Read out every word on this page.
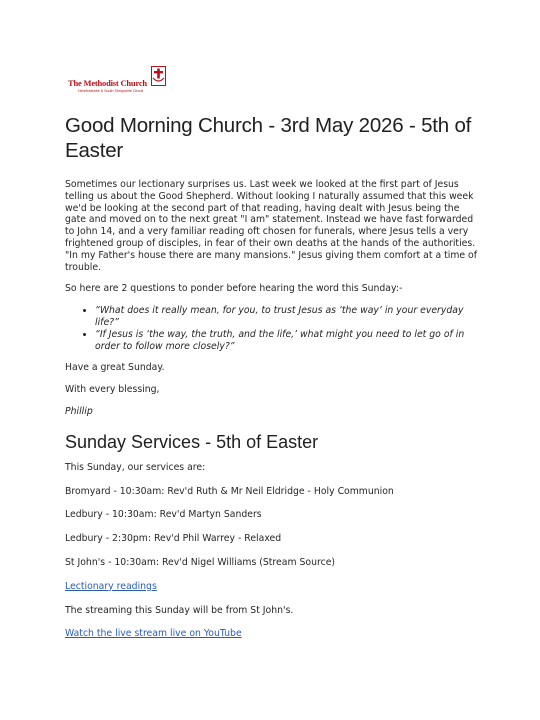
The Methodist Church
Herefordshire & South Shropshire Circuit
Good Morning Church - 3rd May 2026 - 5th of Easter

Sometimes our lectionary surprises us. Last week we looked at the first part of Jesus telling us about the Good Shepherd. Without looking I naturally assumed that this week we'd be looking at the second part of that reading, having dealt with Jesus being the gate and moved on to the next great "I am" statement. Instead we have fast forwarded to John 14, and a very familiar reading oft chosen for funerals, where Jesus tells a very frightened group of disciples, in fear of their own deaths at the hands of the authorities. "In my Father's house there are many mansions." Jesus giving them comfort at a time of trouble.

So here are 2 questions to ponder before hearing the word this Sunday:-

• “What does it really mean, for you, to trust Jesus as ‘the way’ in your everyday life?”
• “If Jesus is ‘the way, the truth, and the life,’ what might you need to let go of in order to follow more closely?”

Have a great Sunday.

With every blessing,

Phillip

Sunday Services - 5th of Easter

This Sunday, our services are:

Bromyard - 10:30am: Rev'd Ruth & Mr Neil Eldridge - Holy Communion

Ledbury - 10:30am: Rev'd Martyn Sanders

Ledbury - 2:30pm: Rev'd Phil Warrey - Relaxed

St John's - 10:30am: Rev'd Nigel Williams (Stream Source)

Lectionary readings

The streaming this Sunday will be from St John's.

Watch the live stream live on YouTube
